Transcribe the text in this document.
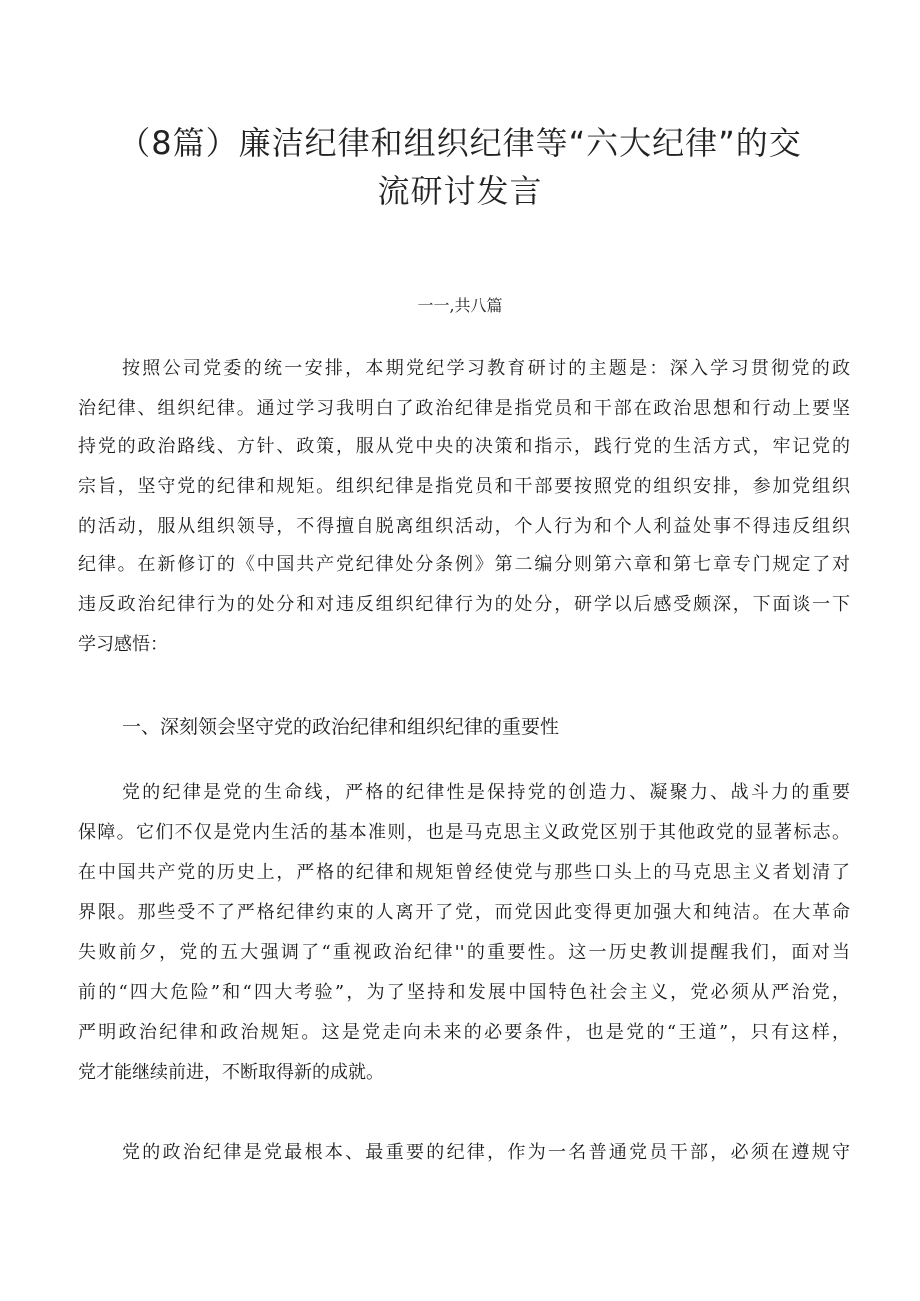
（8篇）廉洁纪律和组织纪律等“六大纪律”的交
流研讨发言
一一,共八篇
按照公司党委的统一安排，本期党纪学习教育研讨的主题是：深入学习贯彻党的政
治纪律、组织纪律。通过学习我明白了政治纪律是指党员和干部在政治思想和行动上要坚
持党的政治路线、方针、政策，服从党中央的决策和指示，践行党的生活方式，牢记党的
宗旨，坚守党的纪律和规矩。组织纪律是指党员和干部要按照党的组织安排，参加党组织
的活动，服从组织领导，不得擅自脱离组织活动，个人行为和个人利益处事不得违反组织
纪律。在新修订的《中国共产党纪律处分条例》第二编分则第六章和第七章专门规定了对
违反政治纪律行为的处分和对违反组织纪律行为的处分，研学以后感受颇深，下面谈一下
学习感悟：
一、深刻领会坚守党的政治纪律和组织纪律的重要性
党的纪律是党的生命线，严格的纪律性是保持党的创造力、凝聚力、战斗力的重要
保障。它们不仅是党内生活的基本准则，也是马克思主义政党区别于其他政党的显著标志。
在中国共产党的历史上，严格的纪律和规矩曾经使党与那些口头上的马克思主义者划清了
界限。那些受不了严格纪律约束的人离开了党，而党因此变得更加强大和纯洁。在大革命
失败前夕，党的五大强调了“重视政治纪律''的重要性。这一历史教训提醒我们，面对当
前的“四大危险”和“四大考验”，为了坚持和发展中国特色社会主义，党必须从严治党，
严明政治纪律和政治规矩。这是党走向未来的必要条件，也是党的“王道”，只有这样，
党才能继续前进，不断取得新的成就。
党的政治纪律是党最根本、最重要的纪律，作为一名普通党员干部，必须在遵规守
